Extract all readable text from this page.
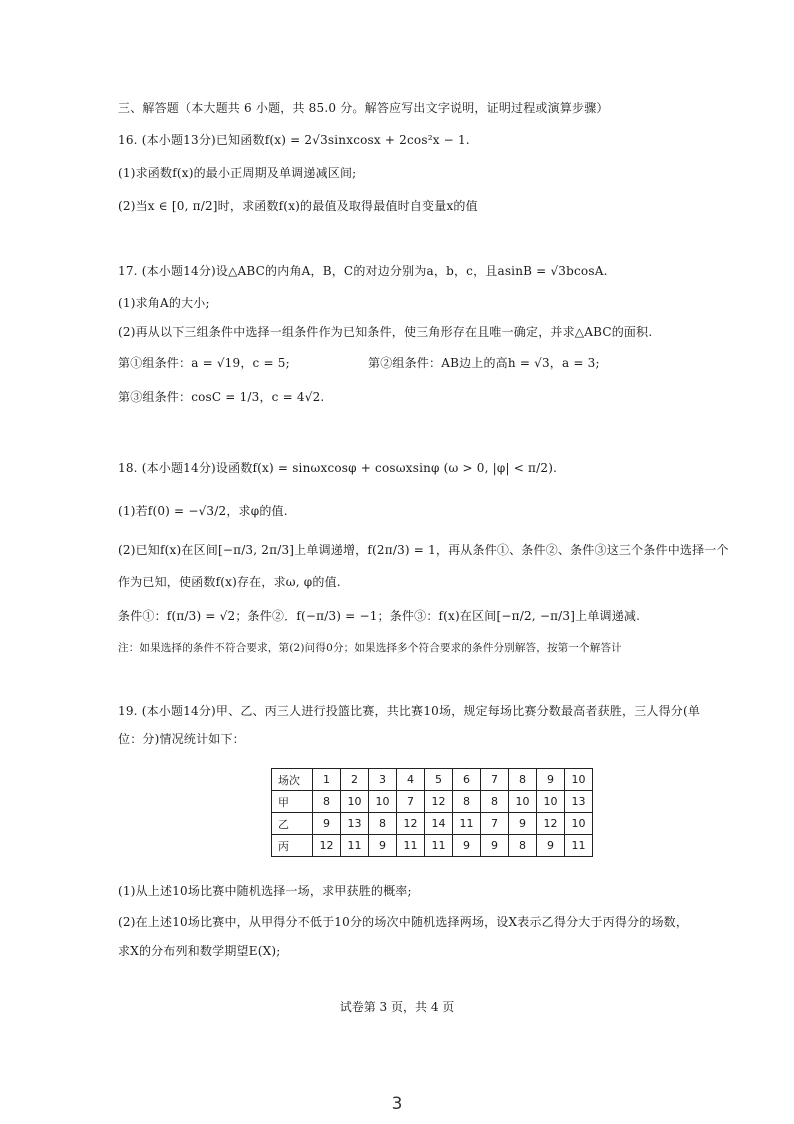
三、解答题（本大题共 6 小题，共 85.0 分。解答应写出文字说明，证明过程或演算步骤）
16. (本小题13分)已知函数f(x) = 2√3sinxcosx + 2cos²x − 1.
(1)求函数f(x)的最小正周期及单调递减区间;
(2)当x ∈ [0, π/2]时，求函数f(x)的最值及取得最值时自变量x的值
17. (本小题14分)设△ABC的内角A，B，C的对边分别为a，b，c，且asinB = √3bcosA.
(1)求角A的大小;
(2)再从以下三组条件中选择一组条件作为已知条件，使三角形存在且唯一确定，并求△ABC的面积.
第①组条件：a = √19，c = 5;	第②组条件：AB边上的高h = √3，a = 3;
第③组条件：cosC = 1/3，c = 4√2.
18. (本小题14分)设函数f(x) = sinωxcosφ + cosωxsinφ (ω > 0, |φ| < π/2).
(1)若f(0) = −√3/2，求φ的值.
(2)已知f(x)在区间[−π/3, 2π/3]上单调递增，f(2π/3) = 1，再从条件①、条件②、条件③这三个条件中选择一个
作为已知，使函数f(x)存在，求ω, φ的值.
条件①：f(π/3) = √2；条件②．f(−π/3) = −1；条件③：f(x)在区间[−π/2, −π/3]上单调递减.
注：如果选择的条件不符合要求，第(2)问得0分；如果选择多个符合要求的条件分别解答，按第一个解答计
19. (本小题14分)甲、乙、丙三人进行投篮比赛，共比赛10场，规定每场比赛分数最高者获胜，三人得分(单
位：分)情况统计如下：
场次	1	2	3	4	5	6	7	8	9	10
甲	8	10	10	7	12	8	8	10	10	13
乙	9	13	8	12	14	11	7	9	12	10
丙	12	11	9	11	11	9	9	8	9	11
(1)从上述10场比赛中随机选择一场，求甲获胜的概率;
(2)在上述10场比赛中，从甲得分不低于10分的场次中随机选择两场，设X表示乙得分大于丙得分的场数，
求X的分布列和数学期望E(X);
试卷第 3 页，共 4 页
3
